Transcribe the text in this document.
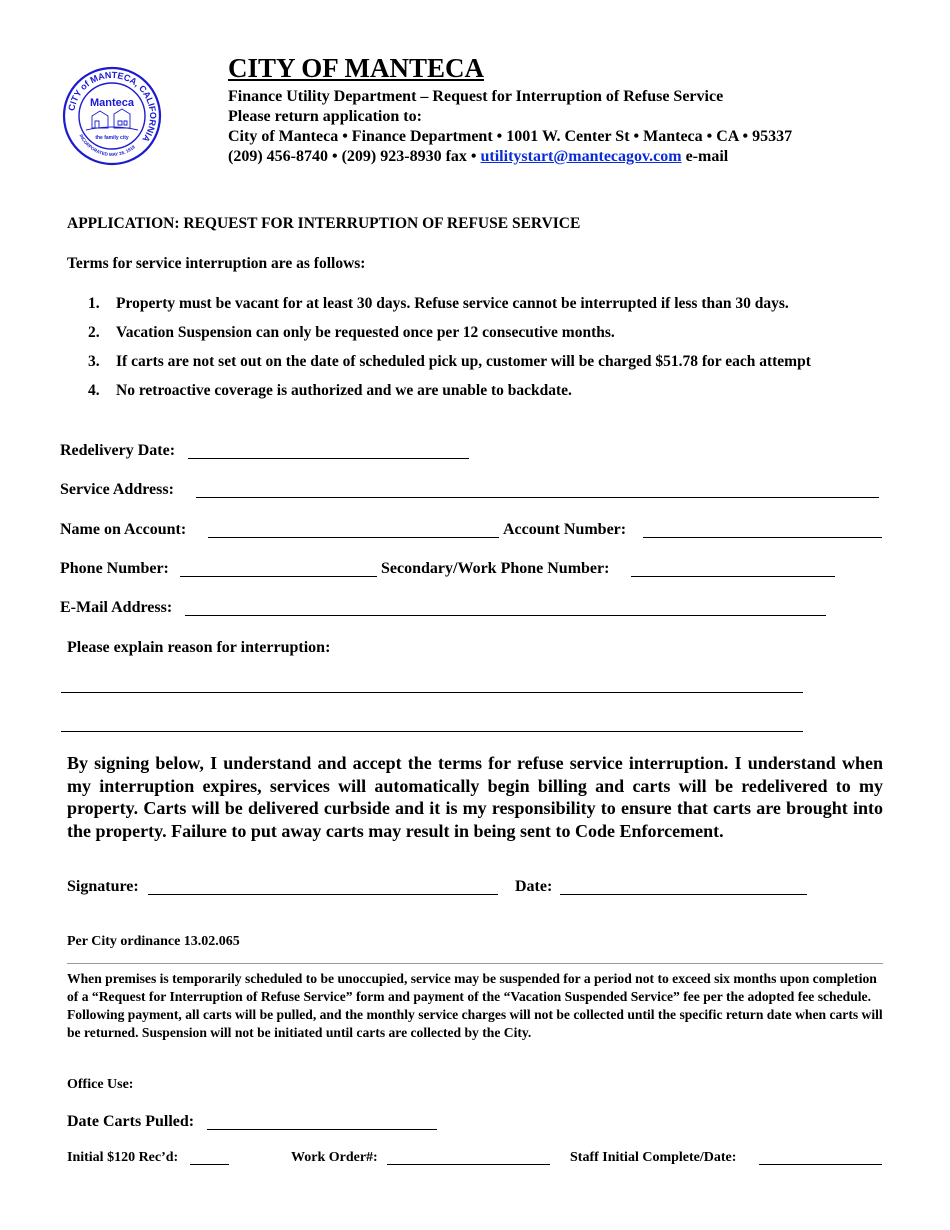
CITY of MANTECA, CALIFORNIA
INCORPORATED MAY 28, 1918
Manteca
the family city
CITY OF MANTECA
Finance Utility Department – Request for Interruption of Refuse Service
Please return application to:
City of Manteca • Finance Department • 1001 W. Center St • Manteca • CA • 95337
(209) 456-8740 • (209) 923-8930 fax • utilitystart@mantecagov.com e-mail
APPLICATION: REQUEST FOR INTERRUPTION OF REFUSE SERVICE
Terms for service interruption are as follows:
1. Property must be vacant for at least 30 days. Refuse service cannot be interrupted if less than 30 days.
2. Vacation Suspension can only be requested once per 12 consecutive months.
3. If carts are not set out on the date of scheduled pick up, customer will be charged $51.78 for each attempt
4. No retroactive coverage is authorized and we are unable to backdate.
Redelivery Date:
Service Address:
Name on Account:	Account Number:
Phone Number:	Secondary/Work Phone Number:
E-Mail Address:
Please explain reason for interruption:
By signing below, I understand and accept the terms for refuse service interruption. I understand when my interruption expires, services will automatically begin billing and carts will be redelivered to my property. Carts will be delivered curbside and it is my responsibility to ensure that carts are brought into the property. Failure to put away carts may result in being sent to Code Enforcement.
Signature:	Date:
Per City ordinance 13.02.065
When premises is temporarily scheduled to be unoccupied, service may be suspended for a period not to exceed six months upon completion of a “Request for Interruption of Refuse Service” form and payment of the “Vacation Suspended Service” fee per the adopted fee schedule. Following payment, all carts will be pulled, and the monthly service charges will not be collected until the specific return date when carts will be returned. Suspension will not be initiated until carts are collected by the City.
Office Use:
Date Carts Pulled:
Initial $120 Rec’d:	Work Order#:	Staff Initial Complete/Date:
